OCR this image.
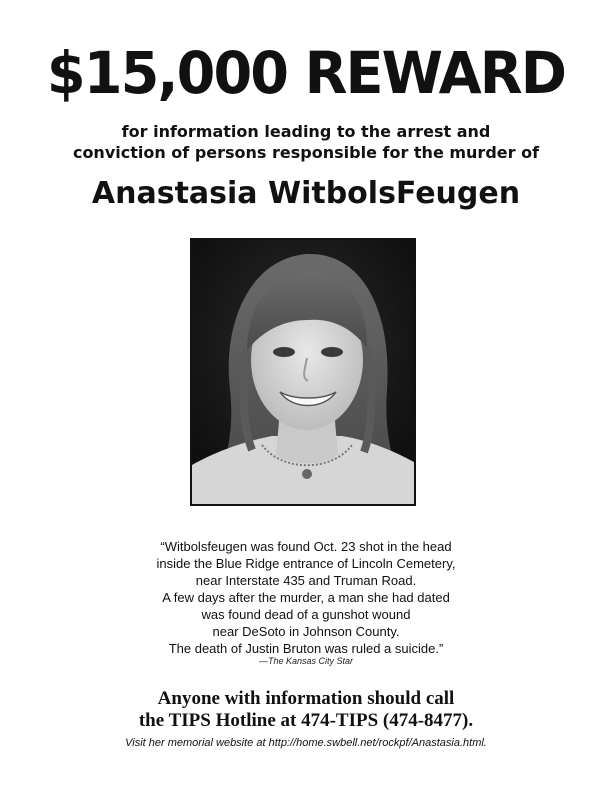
$15,000 REWARD
for information leading to the arrest and
conviction of persons responsible for the murder of
Anastasia WitbolsFeugen
“Witbolsfeugen was found Oct. 23 shot in the head
inside the Blue Ridge entrance of Lincoln Cemetery,
near Interstate 435 and Truman Road.
A few days after the murder, a man she had dated
was found dead of a gunshot wound
near DeSoto in Johnson County.
The death of Justin Bruton was ruled a suicide.”
—The Kansas City Star
Anyone with information should call
the TIPS Hotline at 474-TIPS (474-8477).
Visit her memorial website at http://home.swbell.net/rockpf/Anastasia.html.
